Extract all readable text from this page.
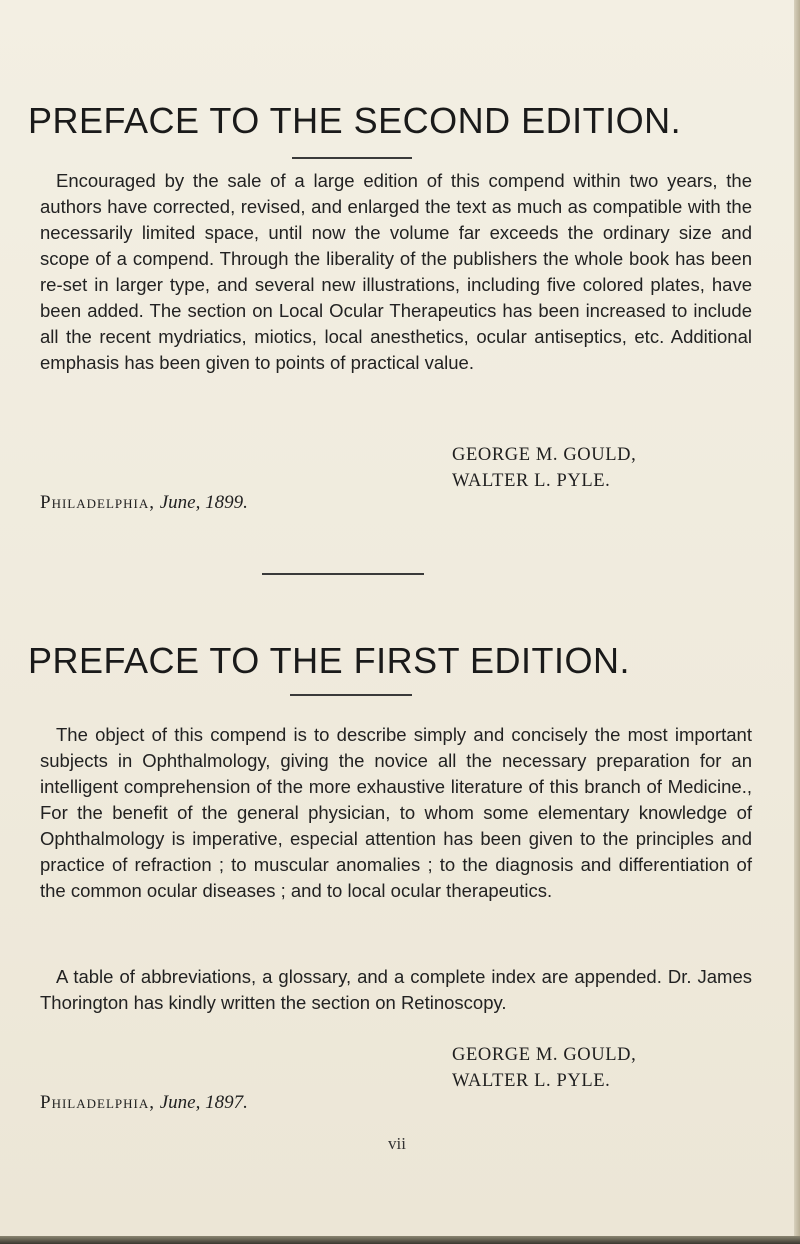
PREFACE TO THE SECOND EDITION.

Encouraged by the sale of a large edition of this compend within two years, the authors have corrected, revised, and enlarged the text as much as compatible with the necessarily limited space, until now the volume far exceeds the ordinary size and scope of a compend. Through the liberality of the publishers the whole book has been re-set in larger type, and several new illustrations, including five colored plates, have been added. The section on Local Ocular Therapeutics has been increased to include all the recent mydriatics, miotics, local anesthetics, ocular antiseptics, etc. Additional emphasis has been given to points of practical value.

GEORGE M. GOULD,
WALTER L. PYLE.
Philadelphia, June, 1899.
PREFACE TO THE FIRST EDITION.

The object of this compend is to describe simply and concisely the most important subjects in Ophthalmology, giving the novice all the necessary preparation for an intelligent comprehension of the more exhaustive literature of this branch of Medicine., For the benefit of the general physician, to whom some elementary knowledge of Ophthalmology is imperative, especial attention has been given to the principles and practice of refraction ; to muscular anomalies ; to the diagnosis and differentiation of the common ocular diseases ; and to local ocular therapeutics.

A table of abbreviations, a glossary, and a complete index are appended. Dr. James Thorington has kindly written the section on Retinoscopy.

GEORGE M. GOULD,
WALTER L. PYLE.
Philadelphia, June, 1897.
vii
